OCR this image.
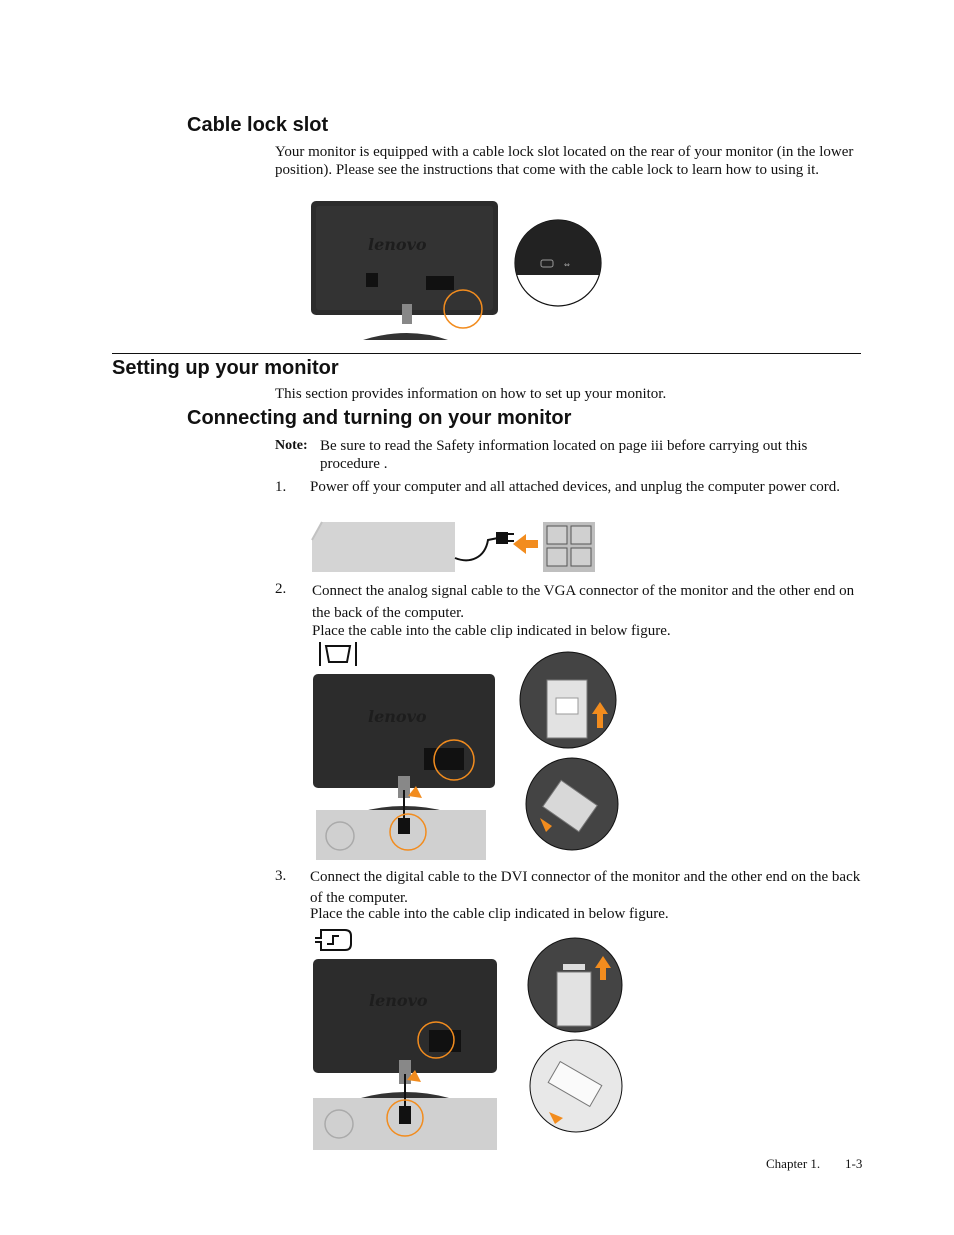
Cable lock slot

Your monitor is equipped with a cable lock slot located on the rear of your monitor (in the lower position). Please see the instructions that come with the cable lock to learn how to using it.

lenovo
⇔
Setting up your monitor

This section provides information on how to set up your monitor.

Connecting and turning on your monitor

Note: Be sure to read the Safety information located on page iii before carrying out this procedure .

1. Power off your computer and all attached devices, and unplug the computer power cord.

2. Connect the analog signal cable to the VGA connector of the monitor and the other end on the back of the computer.

Place the cable into the cable clip indicated in below figure.

lenovo

3. Connect the digital cable to the DVI connector of the monitor and the other end on the back of the computer.

Place the cable into the cable clip indicated in below figure.

lenovo
Chapter 1. 1-3
